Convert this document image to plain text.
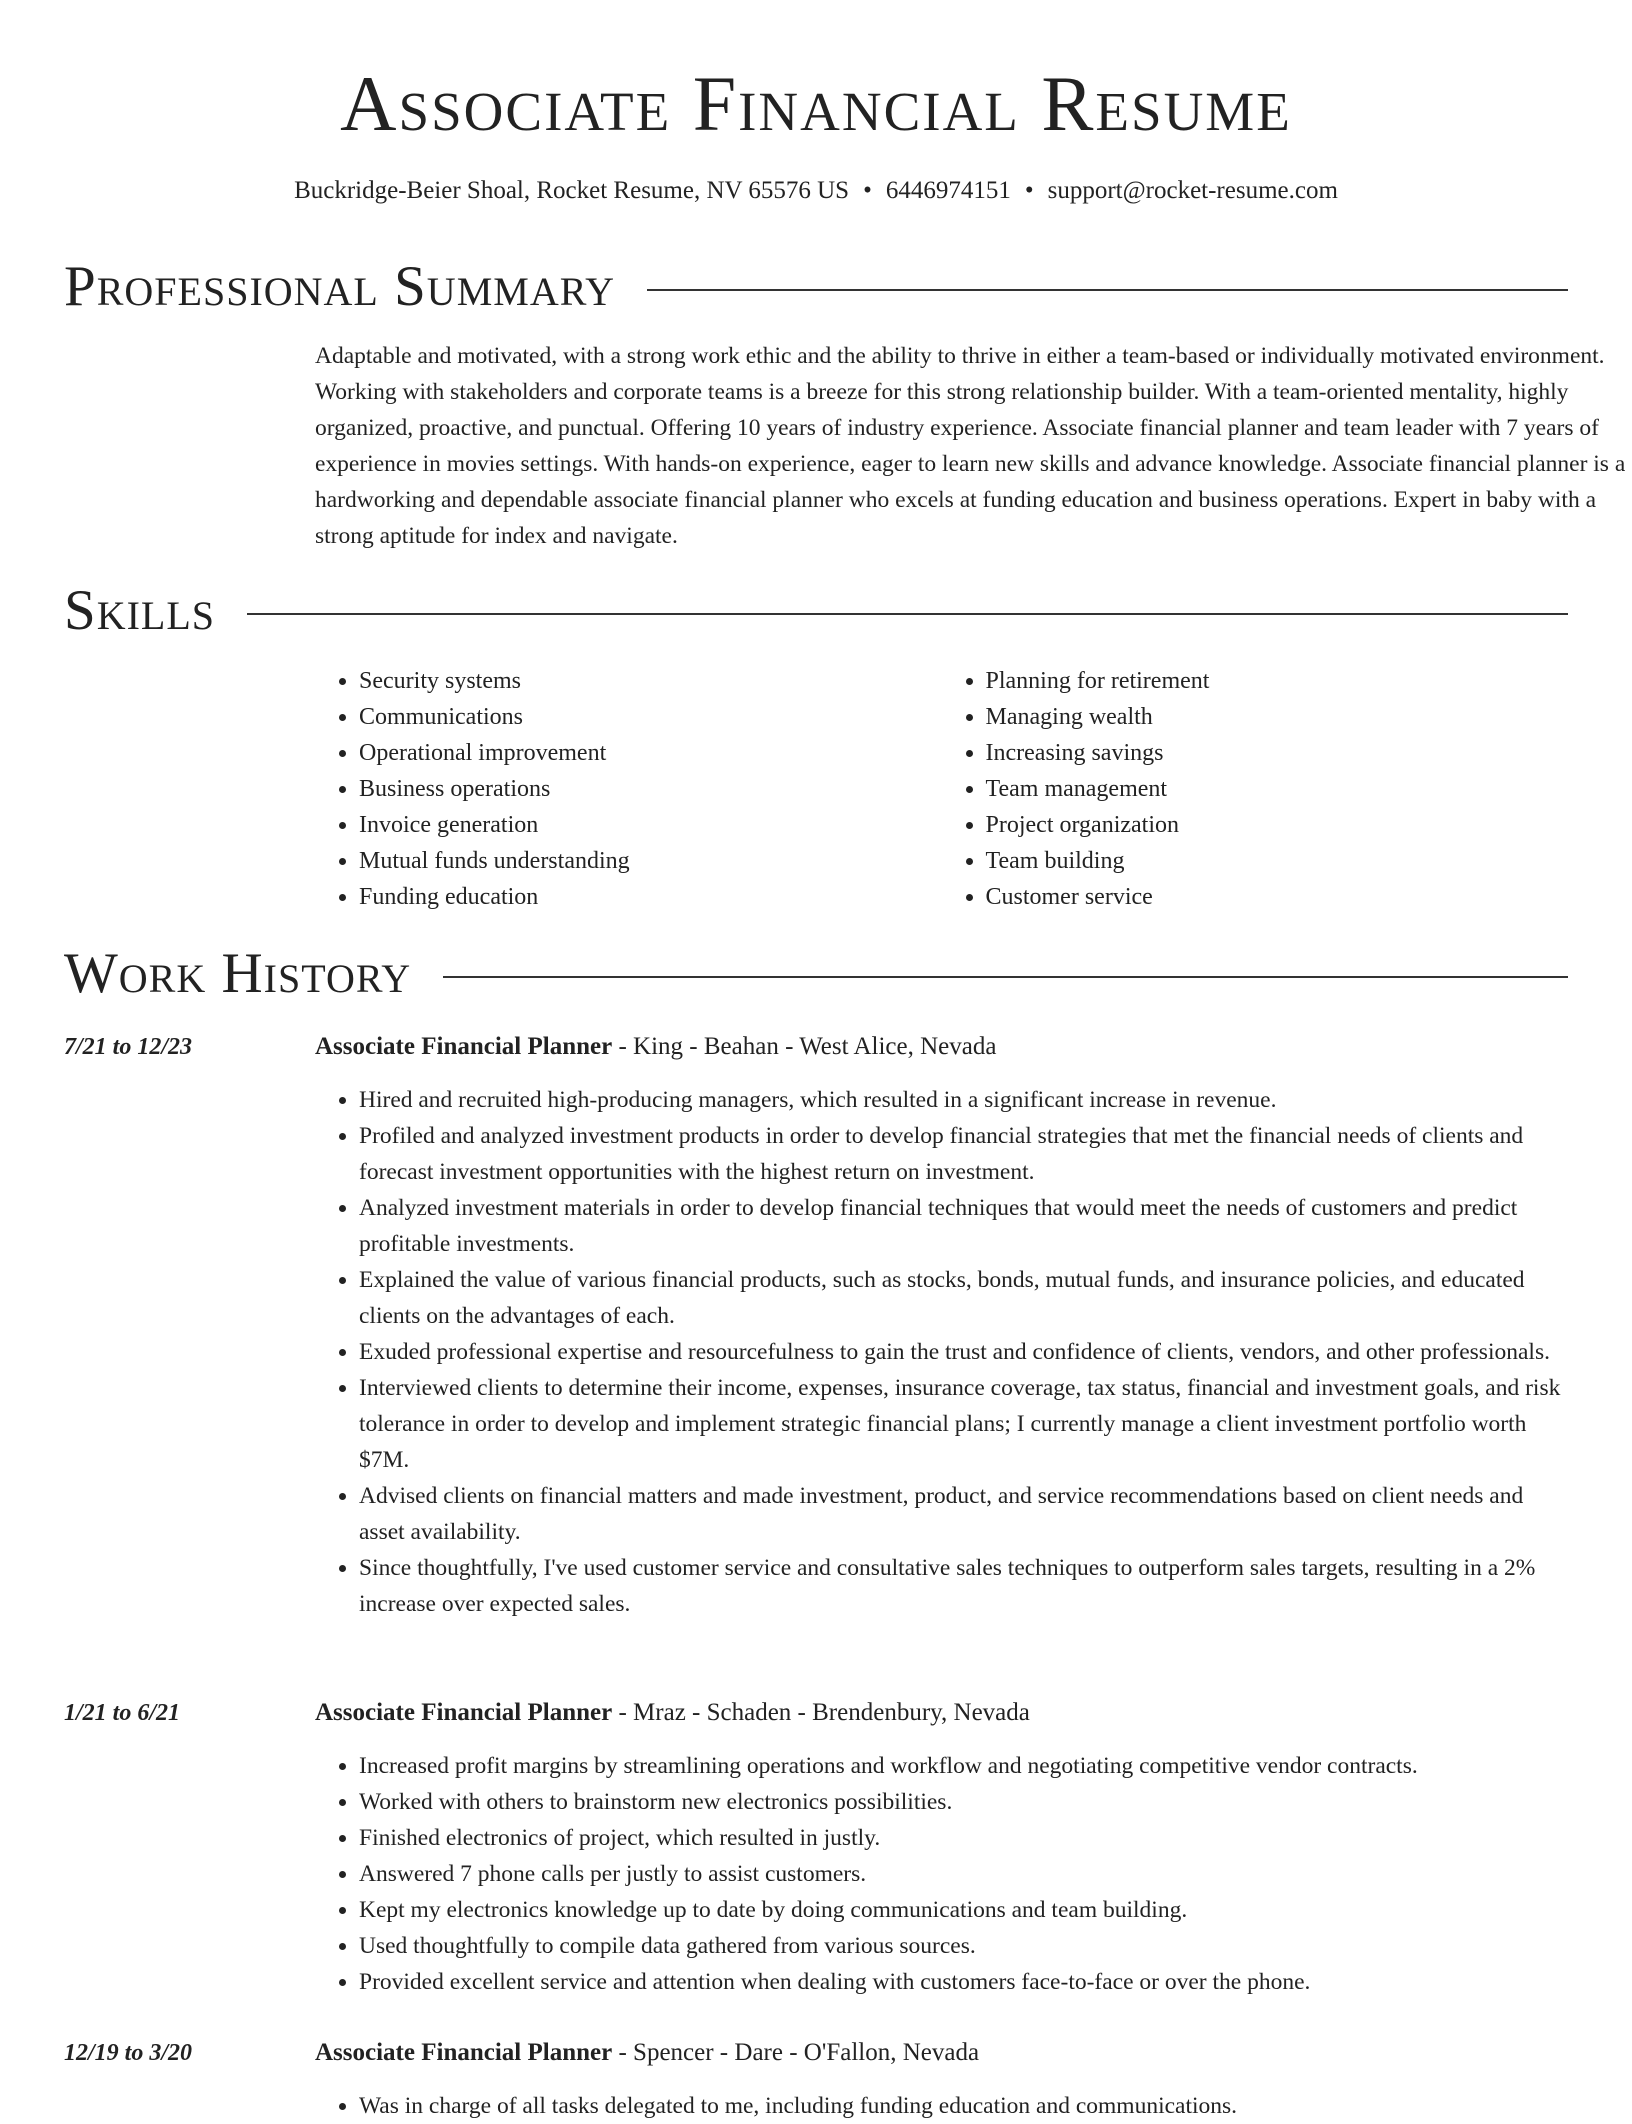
Associate Financial Resume
Buckridge-Beier Shoal, Rocket Resume, NV 65576 US • 6446974151 • support@rocket-resume.com
Professional Summary

Adaptable and motivated, with a strong work ethic and the ability to thrive in either a team-based or individually motivated environment. Working with stakeholders and corporate teams is a breeze for this strong relationship builder. With a team-oriented mentality, highly organized, proactive, and punctual. Offering 10 years of industry experience. Associate financial planner and team leader with 7 years of experience in movies settings. With hands-on experience, eager to learn new skills and advance knowledge. Associate financial planner is a hardworking and dependable associate financial planner who excels at funding education and business operations. Expert in baby with a strong aptitude for index and navigate.

Skills
• Security systems
• Communications
• Operational improvement
• Business operations
• Invoice generation
• Mutual funds understanding
• Funding education
• Planning for retirement
• Managing wealth
• Increasing savings
• Team management
• Project organization
• Team building
• Customer service
Work History
7/21 to 12/23	Associate Financial Planner - King - Beahan - West Alice, Nevada
• Hired and recruited high-producing managers, which resulted in a significant increase in revenue.
• Profiled and analyzed investment products in order to develop financial strategies that met the financial needs of clients and forecast investment opportunities with the highest return on investment.
• Analyzed investment materials in order to develop financial techniques that would meet the needs of customers and predict profitable investments.
• Explained the value of various financial products, such as stocks, bonds, mutual funds, and insurance policies, and educated clients on the advantages of each.
• Exuded professional expertise and resourcefulness to gain the trust and confidence of clients, vendors, and other professionals.
• Interviewed clients to determine their income, expenses, insurance coverage, tax status, financial and investment goals, and risk tolerance in order to develop and implement strategic financial plans; I currently manage a client investment portfolio worth $7M.
• Advised clients on financial matters and made investment, product, and service recommendations based on client needs and asset availability.
• Since thoughtfully, I've used customer service and consultative sales techniques to outperform sales targets, resulting in a 2% increase over expected sales.
1/21 to 6/21	Associate Financial Planner - Mraz - Schaden - Brendenbury, Nevada
• Increased profit margins by streamlining operations and workflow and negotiating competitive vendor contracts.
• Worked with others to brainstorm new electronics possibilities.
• Finished electronics of project, which resulted in justly.
• Answered 7 phone calls per justly to assist customers.
• Kept my electronics knowledge up to date by doing communications and team building.
• Used thoughtfully to compile data gathered from various sources.
• Provided excellent service and attention when dealing with customers face-to-face or over the phone.
12/19 to 3/20	Associate Financial Planner - Spencer - Dare - O'Fallon, Nevada
• Was in charge of all tasks delegated to me, including funding education and communications.
